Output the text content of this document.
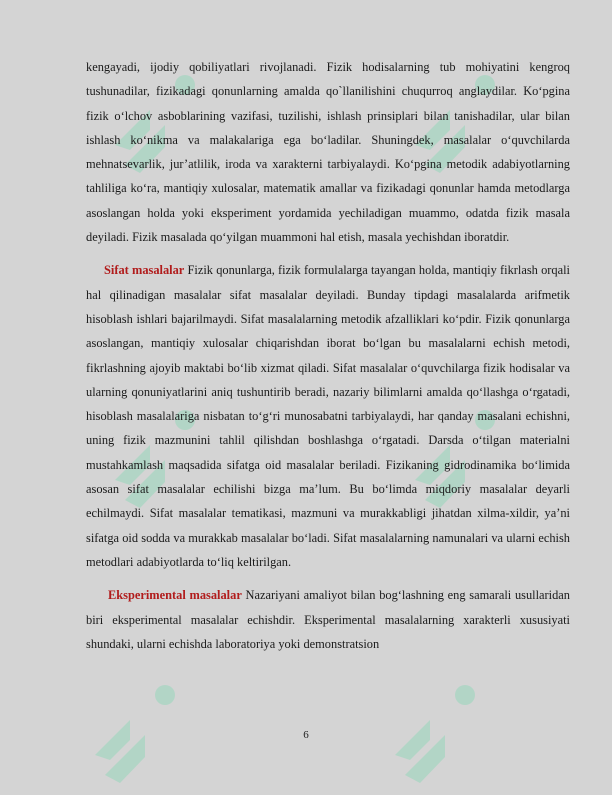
kengayadi, ijodiy qobiliyatlari rivojlanadi. Fizik hodisalarning tub mohiyatini kengroq tushunadilar, fizikadagi qonunlarning amalda qo`llanilishini chuqurroq anglaydilar. Ko‘pgina fizik o‘lchov asboblarining vazifasi, tuzilishi, ishlash prinsiplari bilan tanishadilar, ular bilan ishlash ko‘nikma va malakalariga ega bo‘ladilar. Shuningdek, masalalar o‘quvchilarda mehnatsevarlik, jur’atlilik, iroda va xarakterni tarbiyalaydi. Ko‘pgina metodik adabiyotlarning tahliliga ko‘ra, mantiqiy xulosalar, matematik amallar va fizikadagi qonunlar hamda metodlarga asoslangan holda yoki eksperiment yordamida yechiladigan muammo, odatda fizik masala deyiladi. Fizik masalada qo‘yilgan muammoni hal etish, masala yechishdan iboratdir.

Sifat masalalar Fizik qonunlarga, fizik formulalarga tayangan holda, mantiqiy fikrlash orqali hal qilinadigan masalalar sifat masalalar deyiladi. Bunday tipdagi masalalarda arifmetik hisoblash ishlari bajarilmaydi. Sifat masalalarning metodik afzalliklari ko‘pdir. Fizik qonunlarga asoslangan, mantiqiy xulosalar chiqarishdan iborat bo‘lgan bu masalalarni echish metodi, fikrlashning ajoyib maktabi bo‘lib xizmat qiladi. Sifat masalalar o‘quvchilarga fizik hodisalar va ularning qonuniyatlarini aniq tushuntirib beradi, nazariy bilimlarni amalda qo‘llashga o‘rgatadi, hisoblash masalalariga nisbatan to‘g‘ri munosabatni tarbiyalaydi, har qanday masalani echishni, uning fizik mazmunini tahlil qilishdan boshlashga o‘rgatadi. Darsda o‘tilgan materialni mustahkamlash maqsadida sifatga oid masalalar beriladi. Fizikaning gidrodinamika bo‘limida asosan sifat masalalar echilishi bizga ma’lum. Bu bo‘limda miqdoriy masalalar deyarli echilmaydi. Sifat masalalar tematikasi, mazmuni va murakkabligi jihatdan xilma-xildir, ya’ni sifatga oid sodda va murakkab masalalar bo‘ladi. Sifat masalalarning namunalari va ularni echish metodlari adabiyotlarda to‘liq keltirilgan.

Eksperimental masalalar Nazariyani amaliyot bilan bog‘lashning eng samarali usullaridan biri eksperimental masalalar echishdir. Eksperimental masalalarning xarakterli xususiyati shundaki, ularni echishda laboratoriya yoki demonstratsion

6
